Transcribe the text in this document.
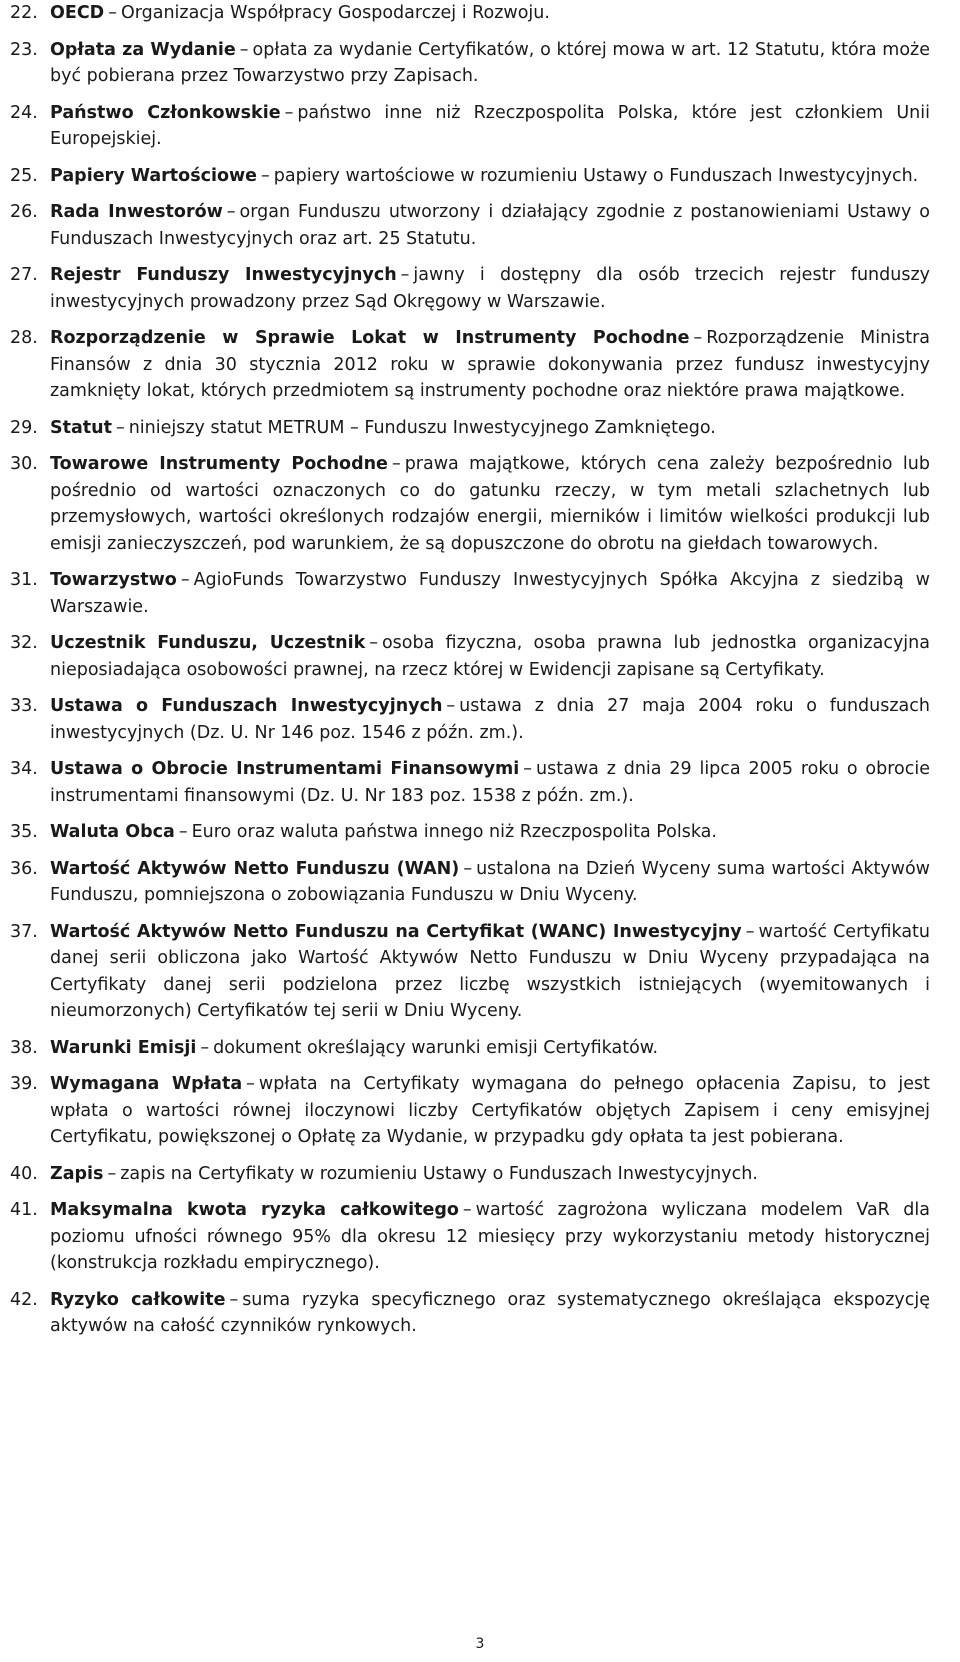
22. OECD – Organizacja Współpracy Gospodarczej i Rozwoju.
23. Opłata za Wydanie – opłata za wydanie Certyfikatów, o której mowa w art. 12 Statutu, która może być pobierana przez Towarzystwo przy Zapisach.
24. Państwo Członkowskie – państwo inne niż Rzeczpospolita Polska, które jest członkiem Unii Europejskiej.
25. Papiery Wartościowe – papiery wartościowe w rozumieniu Ustawy o Funduszach Inwestycyjnych.
26. Rada Inwestorów – organ Funduszu utworzony i działający zgodnie z postanowieniami Ustawy o Funduszach Inwestycyjnych oraz art. 25 Statutu.
27. Rejestr Funduszy Inwestycyjnych – jawny i dostępny dla osób trzecich rejestr funduszy inwestycyjnych prowadzony przez Sąd Okręgowy w Warszawie.
28. Rozporządzenie w Sprawie Lokat w Instrumenty Pochodne – Rozporządzenie Ministra Finansów z dnia 30 stycznia 2012 roku w sprawie dokonywania przez fundusz inwestycyjny zamknięty lokat, których przedmiotem są instrumenty pochodne oraz niektóre prawa majątkowe.
29. Statut – niniejszy statut METRUM – Funduszu Inwestycyjnego Zamkniętego.
30. Towarowe Instrumenty Pochodne – prawa majątkowe, których cena zależy bezpośrednio lub pośrednio od wartości oznaczonych co do gatunku rzeczy, w tym metali szlachetnych lub przemysłowych, wartości określonych rodzajów energii, mierników i limitów wielkości produkcji lub emisji zanieczyszczeń, pod warunkiem, że są dopuszczone do obrotu na giełdach towarowych.
31. Towarzystwo – AgioFunds Towarzystwo Funduszy Inwestycyjnych Spółka Akcyjna z siedzibą w Warszawie.
32. Uczestnik Funduszu, Uczestnik – osoba fizyczna, osoba prawna lub jednostka organizacyjna nieposiadająca osobowości prawnej, na rzecz której w Ewidencji zapisane są Certyfikaty.
33. Ustawa o Funduszach Inwestycyjnych – ustawa z dnia 27 maja 2004 roku o funduszach inwestycyjnych (Dz. U. Nr 146 poz. 1546 z późn. zm.).
34. Ustawa o Obrocie Instrumentami Finansowymi – ustawa z dnia 29 lipca 2005 roku o obrocie instrumentami finansowymi (Dz. U. Nr 183 poz. 1538 z późn. zm.).
35. Waluta Obca – Euro oraz waluta państwa innego niż Rzeczpospolita Polska.
36. Wartość Aktywów Netto Funduszu (WAN) – ustalona na Dzień Wyceny suma wartości Aktywów Funduszu, pomniejszona o zobowiązania Funduszu w Dniu Wyceny.
37. Wartość Aktywów Netto Funduszu na Certyfikat (WANC) Inwestycyjny – wartość Certyfikatu danej serii obliczona jako Wartość Aktywów Netto Funduszu w Dniu Wyceny przypadająca na Certyfikaty danej serii podzielona przez liczbę wszystkich istniejących (wyemitowanych i nieumorzonych) Certyfikatów tej serii w Dniu Wyceny.
38. Warunki Emisji – dokument określający warunki emisji Certyfikatów.
39. Wymagana Wpłata – wpłata na Certyfikaty wymagana do pełnego opłacenia Zapisu, to jest wpłata o wartości równej iloczynowi liczby Certyfikatów objętych Zapisem i ceny emisyjnej Certyfikatu, powiększonej o Opłatę za Wydanie, w przypadku gdy opłata ta jest pobierana.
40. Zapis – zapis na Certyfikaty w rozumieniu Ustawy o Funduszach Inwestycyjnych.
41. Maksymalna kwota ryzyka całkowitego – wartość zagrożona wyliczana modelem VaR dla poziomu ufności równego 95% dla okresu 12 miesięcy przy wykorzystaniu metody historycznej (konstrukcja rozkładu empirycznego).
42. Ryzyko całkowite – suma ryzyka specyficznego oraz systematycznego określająca ekspozycję aktywów na całość czynników rynkowych.
3
